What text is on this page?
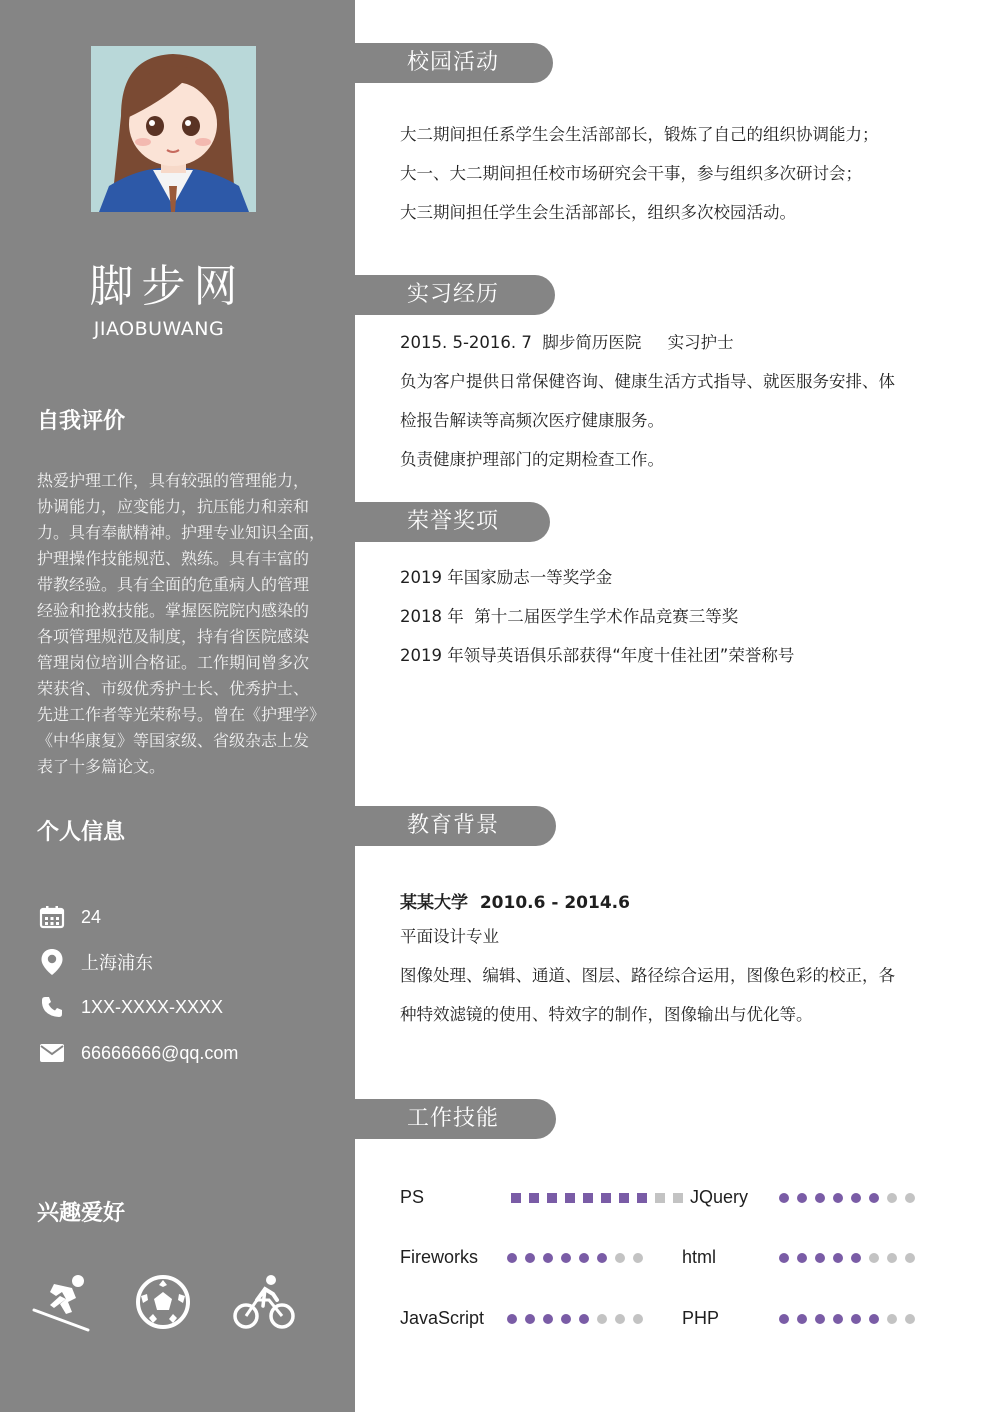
脚步网
JIAOBUWANG
自我评价
热爱护理工作，具有较强的管理能力，
协调能力，应变能力，抗压能力和亲和
力。具有奉献精神。护理专业知识全面，
护理操作技能规范、熟练。具有丰富的
带教经验。具有全面的危重病人的管理
经验和抢救技能。掌握医院院内感染的
各项管理规范及制度，持有省医院感染
管理岗位培训合格证。工作期间曾多次
荣获省、市级优秀护士长、优秀护士、
先进工作者等光荣称号。曾在《护理学》
《中华康复》等国家级、省级杂志上发
表了十多篇论文。
个人信息
24
上海浦东
1XX-XXXX-XXXX
66666666@qq.com
兴趣爱好
校园活动
大二期间担任系学生会生活部部长，锻炼了自己的组织协调能力；
大一、大二期间担任校市场研究会干事，参与组织多次研讨会；
大三期间担任学生会生活部部长，组织多次校园活动。
实习经历
2015. 5-2016. 7  脚步简历医院     实习护士
负为客户提供日常保健咨询、健康生活方式指导、就医服务安排、体
检报告解读等高频次医疗健康服务。
负责健康护理部门的定期检查工作。
荣誉奖项
2019 年国家励志一等奖学金
2018 年  第十二届医学生学术作品竞赛三等奖
2019 年领导英语俱乐部获得“年度十佳社团”荣誉称号
教育背景
某某大学  2010.6 - 2014.6
平面设计专业
图像处理、编辑、通道、图层、路径综合运用，图像色彩的校正，各
种特效滤镜的使用、特效字的制作，图像输出与优化等。
工作技能
PS	JQuery
Fireworks	html
JavaScript	PHP
